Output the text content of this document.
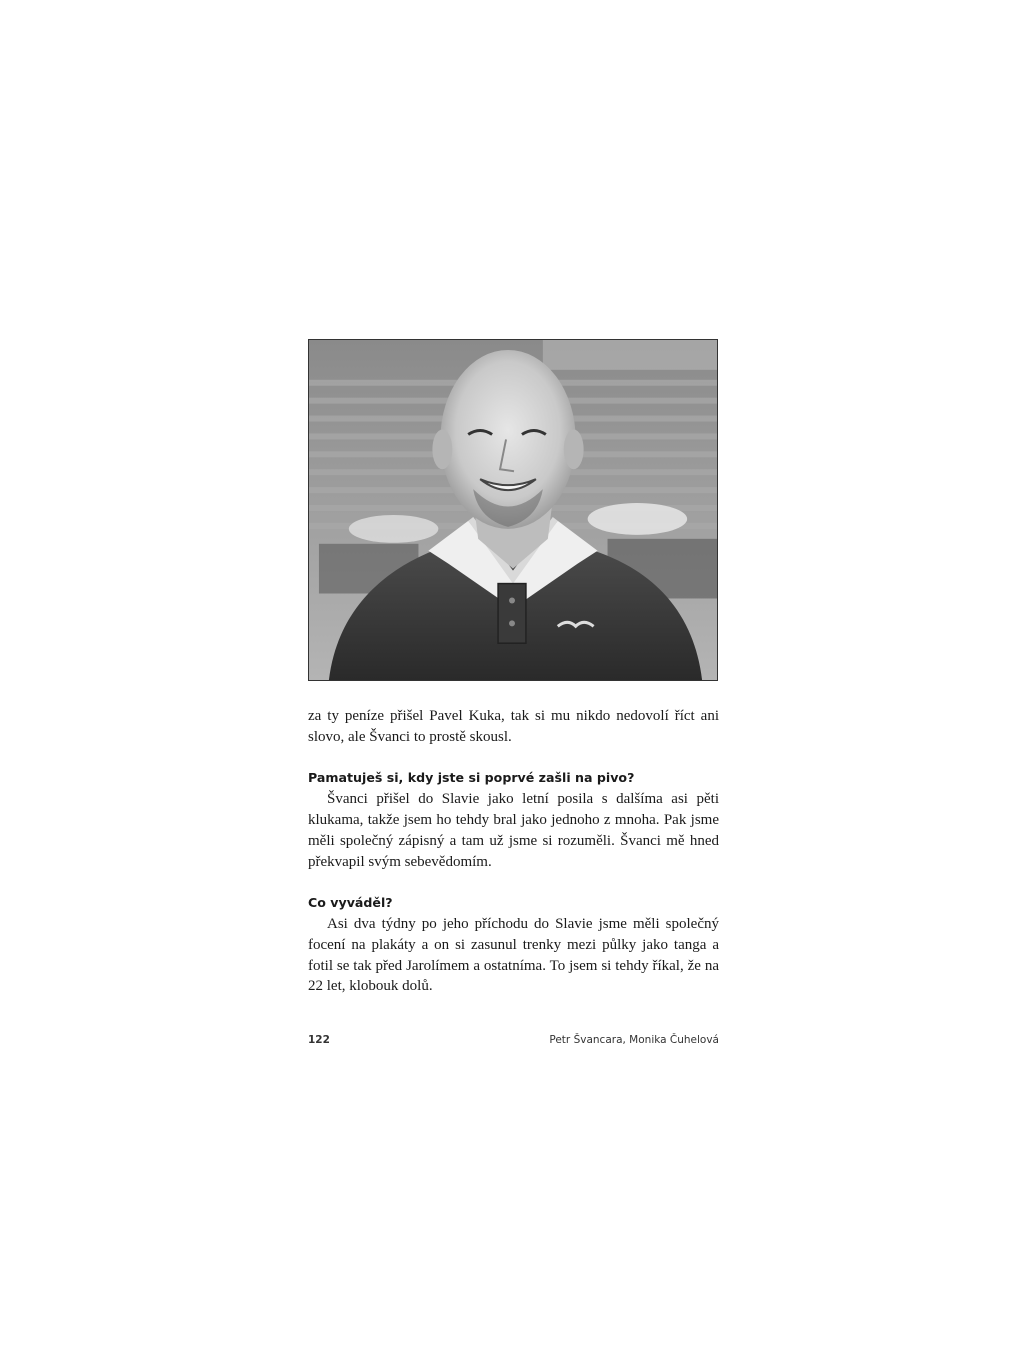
za ty peníze přišel Pavel Kuka, tak si mu nikdo nedovolí říct ani slovo, ale Švanci to prostě skousl.

Pamatuješ si, kdy jste si poprvé zašli na pivo?

Švanci přišel do Slavie jako letní posila s dalšíma asi pěti klukama, takže jsem ho tehdy bral jako jednoho z mnoha. Pak jsme měli společný zápisný a tam už jsme si rozuměli. Švanci mě hned překvapil svým sebevědomím.

Co vyváděl?

Asi dva týdny po jeho příchodu do Slavie jsme měli společný focení na plakáty a on si zasunul trenky mezi půlky jako tanga a fotil se tak před Jarolímem a ostatníma. To jsem si tehdy říkal, že na 22 let, klobouk dolů.

122	Petr Švancara, Monika Čuhelová
